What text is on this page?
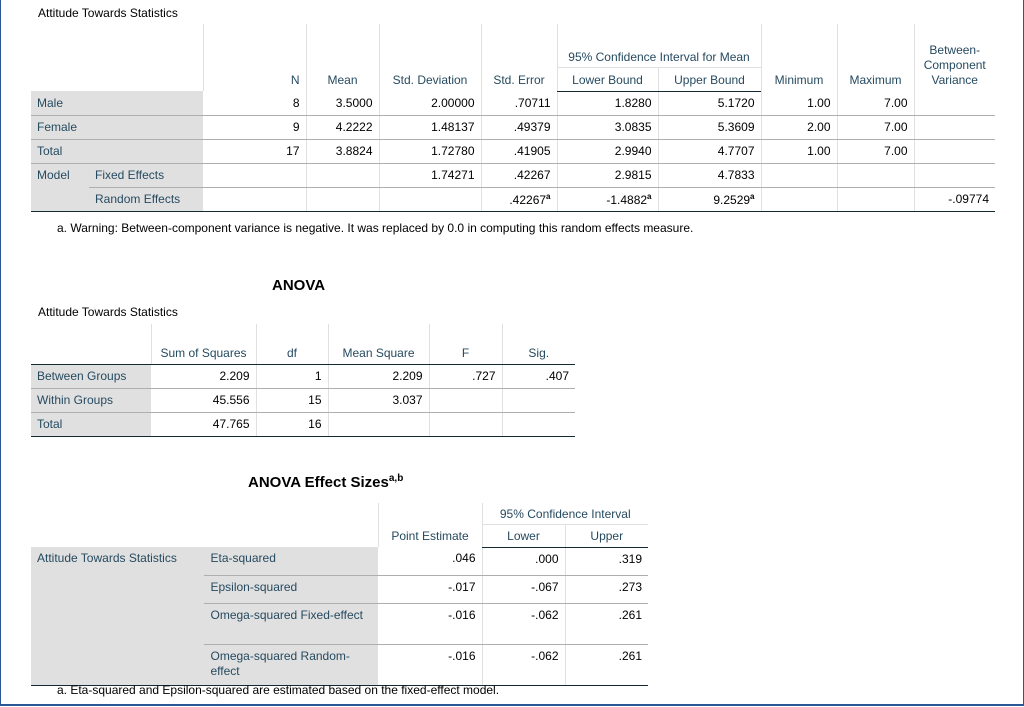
Attitude Towards Statistics
		N	Mean	Std. Deviation	Std. Error	95% Confidence Interval for Mean		Minimum	Maximum	Between-Component Variance
						Lower Bound	Upper Bound			
Male		8	3.5000	2.00000	.70711	1.8280	5.1720	1.00	7.00	
Female		9	4.2222	1.48137	.49379	3.0835	5.3609	2.00	7.00	
Total		17	3.8824	1.72780	.41905	2.9940	4.7707	1.00	7.00	
Model	Fixed Effects			1.74271	.42267	2.9815	4.7833			
	Random Effects				.42267$^a$	-1.4882$^a$	9.2529$^a$			-.09774
a. Warning: Between-component variance is negative. It was replaced by 0.0 in computing this random effects measure.
ANOVA
Attitude Towards Statistics
	Sum of Squares	df	Mean Square	F	Sig.
Between Groups	2.209	1	2.209	.727	.407
Within Groups	45.556	15	3.037		
Total	47.765	16			
ANOVA Effect Sizes$^{a,b}$
		Point Estimate	95% Confidence Interval	
			Lower	Upper
Attitude Towards Statistics	Eta-squared	.046	.000	.319
	Epsilon-squared	-.017	-.067	.273
	Omega-squared Fixed-effect	-.016	-.062	.261
	Omega-squared Random-effect	-.016	-.062	.261
a. Eta-squared and Epsilon-squared are estimated based on the fixed-effect model.
